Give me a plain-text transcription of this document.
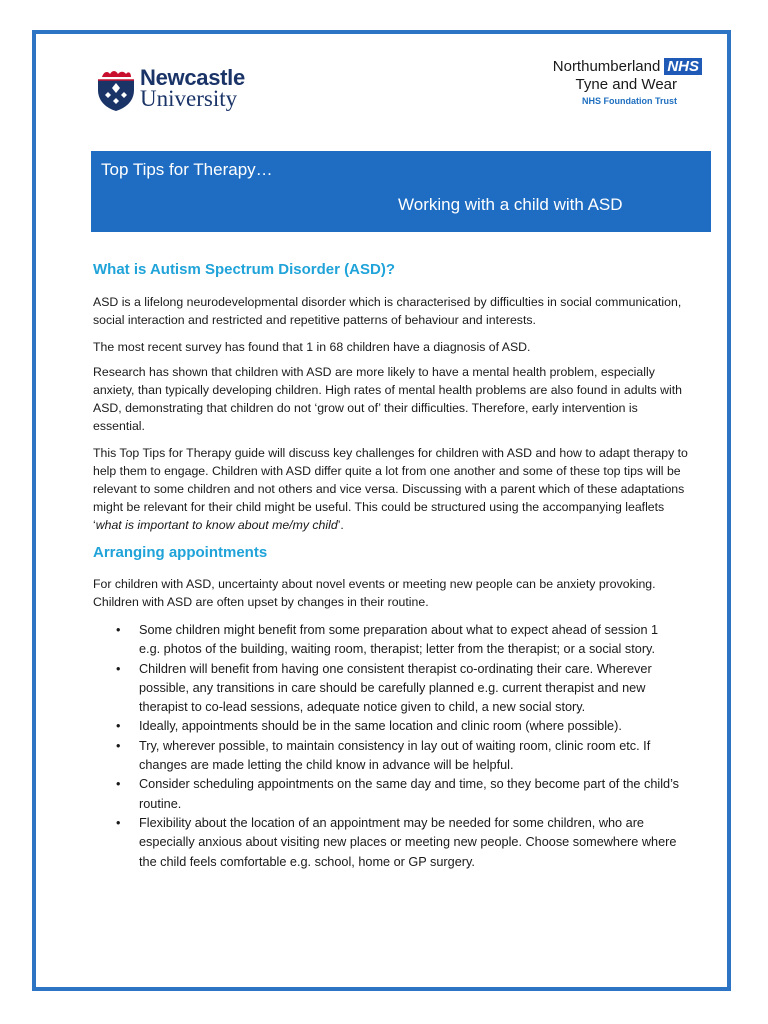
Newcastle
University
Northumberland NHS
Tyne and Wear
NHS Foundation Trust
Top Tips for Therapy…
Working with a child with ASD
What is Autism Spectrum Disorder (ASD)?

ASD is a lifelong neurodevelopmental disorder which is characterised by difficulties in social communication, social interaction and restricted and repetitive patterns of behaviour and interests.

The most recent survey has found that 1 in 68 children have a diagnosis of ASD.

Research has shown that children with ASD are more likely to have a mental health problem, especially anxiety, than typically developing children. High rates of mental health problems are also found in adults with ASD, demonstrating that children do not ‘grow out of’ their difficulties. Therefore, early intervention is essential.

This Top Tips for Therapy guide will discuss key challenges for children with ASD and how to adapt therapy to help them to engage. Children with ASD differ quite a lot from one another and some of these top tips will be relevant to some children and not others and vice versa. Discussing with a parent which of these adaptations might be relevant for their child might be useful. This could be structured using the accompanying leaflets ‘what is important to know about me/my child’.

Arranging appointments

For children with ASD, uncertainty about novel events or meeting new people can be anxiety provoking. Children with ASD are often upset by changes in their routine.

• Some children might benefit from some preparation about what to expect ahead of session 1 e.g. photos of the building, waiting room, therapist; letter from the therapist; or a social story.
• Children will benefit from having one consistent therapist co-ordinating their care. Wherever possible, any transitions in care should be carefully planned e.g. current therapist and new therapist to co-lead sessions, adequate notice given to child, a new social story.
• Ideally, appointments should be in the same location and clinic room (where possible).
• Try, wherever possible, to maintain consistency in lay out of waiting room, clinic room etc. If changes are made letting the child know in advance will be helpful.
• Consider scheduling appointments on the same day and time, so they become part of the child’s routine.
• Flexibility about the location of an appointment may be needed for some children, who are especially anxious about visiting new places or meeting new people. Choose somewhere where the child feels comfortable e.g. school, home or GP surgery.
